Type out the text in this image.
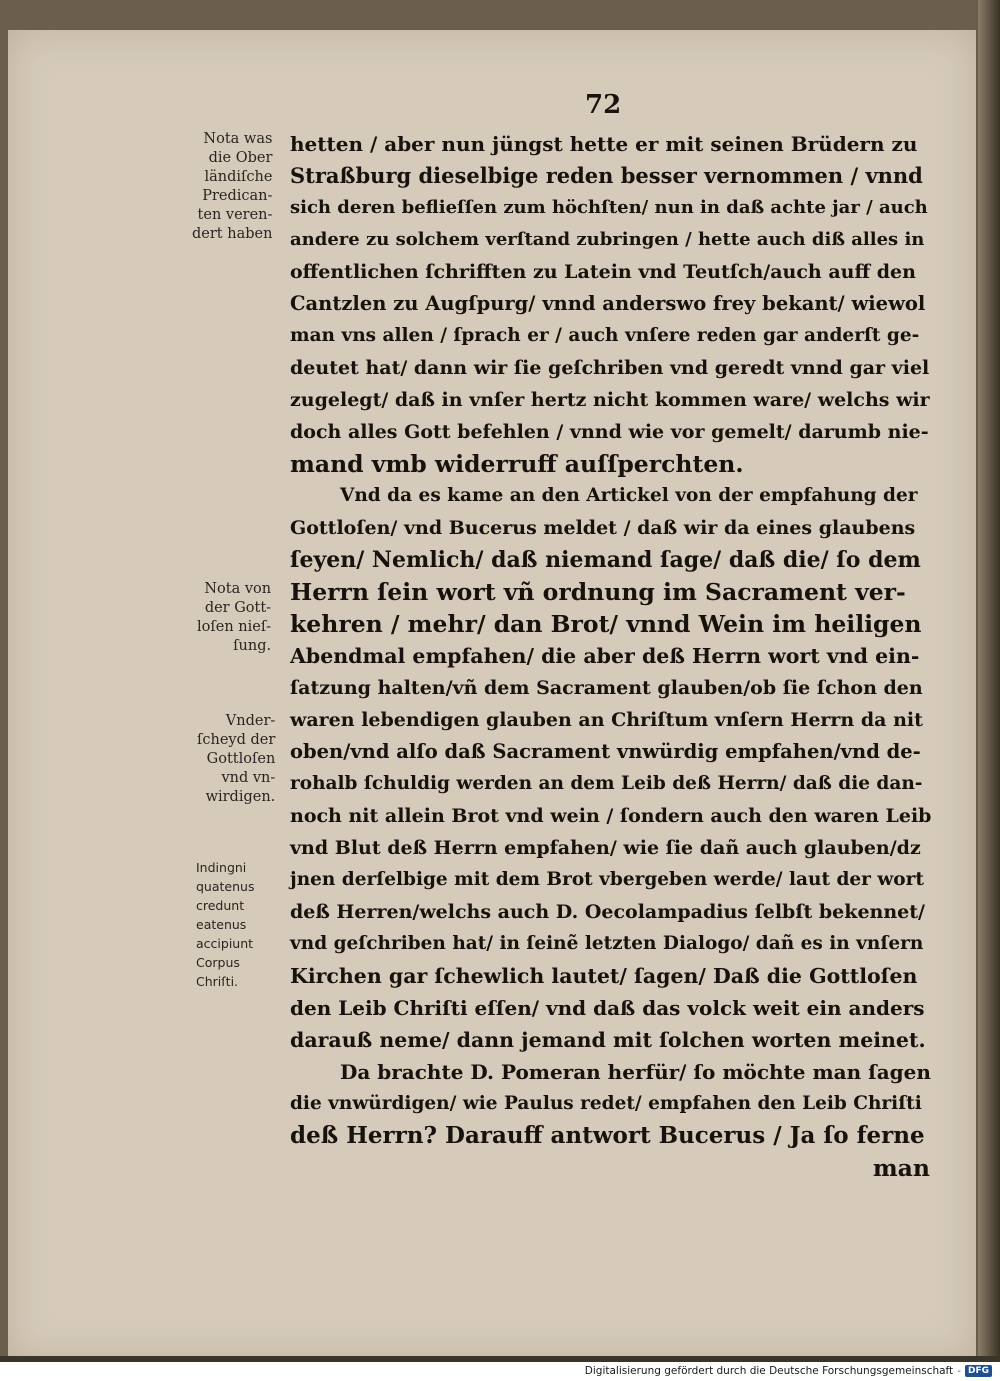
72
Nota was
die Ober
ländiſche
Predican-
ten veren-
dert haben
Nota von
der Gott-
loſen nieſ-
ſung.
Vnder-
ſcheyd der
Gottloſen
vnd vn-
wirdigen.
Indingni
quatenus
credunt
eatenus
accipiunt
Corpus
Chriſti.
hetten / aber nun jüngst hette er mit seinen Brüdern zu
Straßburg dieselbige reden besser vernommen / vnnd
sich deren beflieſſen zum höchſten/ nun in daß achte jar / auch
andere zu solchem verſtand zubringen / hette auch diß alles in
offentlichen ſchrifften zu Latein vnd Teutſch/auch auff den
Cantzlen zu Augſpurg/ vnnd anderswo frey bekant/ wiewol
man vns allen / ſprach er / auch vnſere reden gar anderſt ge-
deutet hat/ dann wir ſie geſchriben vnd geredt vnnd gar viel
zugelegt/ daß in vnſer hertz nicht kommen ware/ welchs wir
doch alles Gott befehlen / vnnd wie vor gemelt/ darumb nie-
mand vmb widerruff auſſperchten.
Vnd da es kame an den Artickel von der empfahung der
Gottloſen/ vnd Bucerus meldet / daß wir da eines glaubens
ſeyen/ Nemlich/ daß niemand ſage/ daß die/ ſo dem
Herrn ſein wort vñ ordnung im Sacrament ver-
kehren / mehr/ dan Brot/ vnnd Wein im heiligen
Abendmal empfahen/ die aber deß Herrn wort vnd ein-
ſatzung halten/vñ dem Sacrament glauben/ob ſie ſchon den
waren lebendigen glauben an Chriſtum vnſern Herrn da nit
oben/vnd alſo daß Sacrament vnwürdig empfahen/vnd de-
rohalb ſchuldig werden an dem Leib deß Herrn/ daß die dan-
noch nit allein Brot vnd wein / ſondern auch den waren Leib
vnd Blut deß Herrn empfahen/ wie ſie dañ auch glauben/dz
jnen derſelbige mit dem Brot vbergeben werde/ laut der wort
deß Herren/welchs auch D. Oecolampadius ſelbſt bekennet/
vnd geſchriben hat/ in ſeinẽ letzten Dialogo/ dañ es in vnſern
Kirchen gar ſchewlich lautet/ ſagen/ Daß die Gottloſen
den Leib Chriſti eſſen/ vnd daß das volck weit ein anders
darauß neme/ dann jemand mit ſolchen worten meinet.
Da brachte D. Pomeran herfür/ ſo möchte man ſagen
die vnwürdigen/ wie Paulus redet/ empfahen den Leib Chriſti
deß Herrn? Darauff antwort Bucerus / Ja ſo ferne
man
Digitalisierung gefördert durch die Deutsche Forschungsgemeinschaft - DFG
